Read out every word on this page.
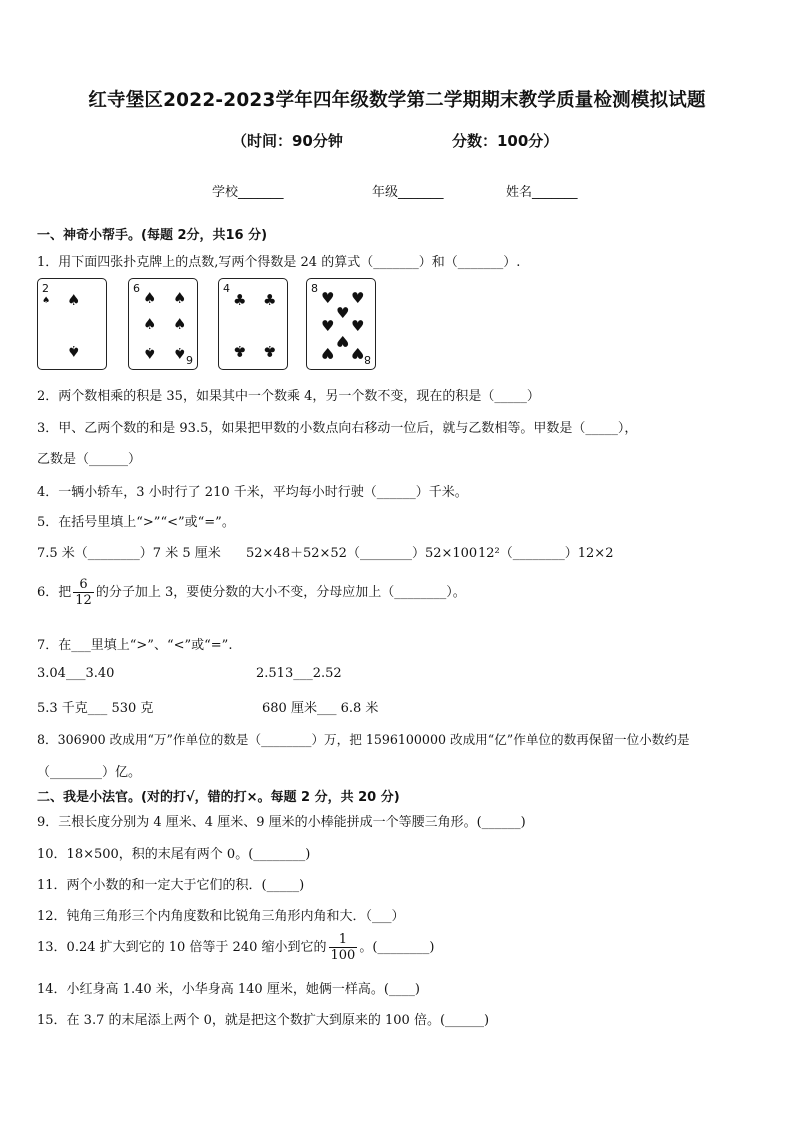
红寺堡区2022-2023学年四年级数学第二学期期末教学质量检测模拟试题
（时间：90分钟	分数：100分）
学校_______	年级_______	姓名_______
一、神奇小帮手。(每题 2分，共16 分)
1．用下面四张扑克牌上的点数,写两个得数是 24 的算式（_______）和（_______）.
2
♠ ♠
♠
6
♠ ♠
♠ ♠
♠ ♠ 6
4
♣ ♣
♣ ♣
8
♥ ♥
♥
♥ ♥
♥
♥ ♥ 8
2．两个数相乘的积是 35，如果其中一个数乘 4，另一个数不变，现在的积是（_____）
3．甲、乙两个数的和是 93.5，如果把甲数的小数点向右移动一位后，就与乙数相等。甲数是（_____），
乙数是（______）
4．一辆小轿车，3 小时行了 210 千米，平均每小时行驶（______）千米。
5．在括号里填上“>”“<”或“=”。
7.5 米（________）7 米 5 厘米 52×48＋52×52（________）52×100 12²（________）12×2
6．把 $\frac{6}{12}$ 的分子加上 3，要使分数的大小不变，分母应加上（________）。
7．在___里填上“>”、“<”或“=”.
3.04___3.40	2.513___2.52
5.3 千克___ 530 克	680 厘米___ 6.8 米
8．306900 改成用“万”作单位的数是（________）万，把 1596100000 改成用“亿”作单位的数再保留一位小数约是
（________）亿。
二、我是小法官。(对的打√，错的打×。每题 2 分，共 20 分)
9．三根长度分别为 4 厘米、4 厘米、9 厘米的小棒能拼成一个等腰三角形。(______)
10．18×500，积的末尾有两个 0。(________)
11．两个小数的和一定大于它们的积．(_____)
12．钝角三角形三个内角度数和比锐角三角形内角和大．（___）
13．0.24 扩大到它的 10 倍等于 240 缩小到它的 $\frac{1}{100}$ 。(________)
14．小红身高 1.40 米，小华身高 140 厘米，她俩一样高。(____)
15．在 3.7 的末尾添上两个 0，就是把这个数扩大到原来的 100 倍。(______)
